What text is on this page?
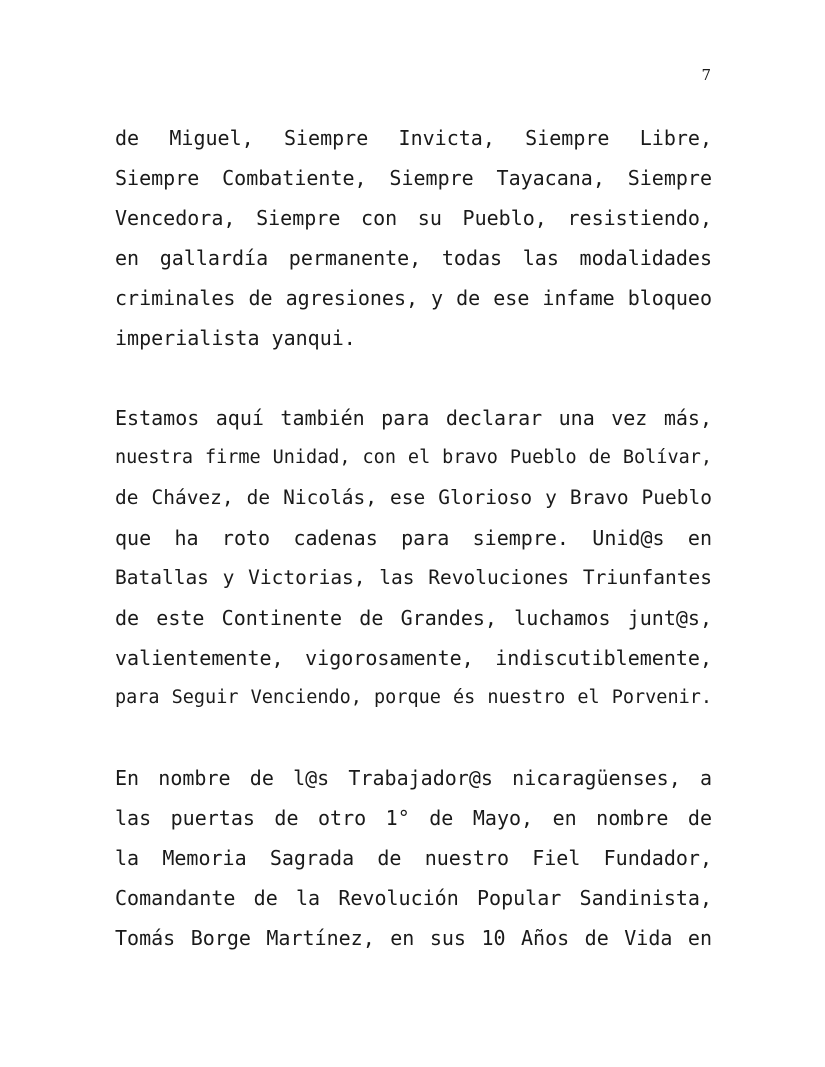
7
de Miguel, Siempre Invicta, Siempre Libre,
Siempre Combatiente, Siempre Tayacana, Siempre
Vencedora, Siempre con su Pueblo, resistiendo,
en gallardía permanente, todas las modalidades
criminales de agresiones, y de ese infame bloqueo
imperialista yanqui.
Estamos aquí también para declarar una vez más,
nuestra firme Unidad, con el bravo Pueblo de Bolívar,
de Chávez, de Nicolás, ese Glorioso y Bravo Pueblo
que ha roto cadenas para siempre. Unid@s en
Batallas y Victorias, las Revoluciones Triunfantes
de este Continente de Grandes, luchamos junt@s,
valientemente, vigorosamente, indiscutiblemente,
para Seguir Venciendo, porque és nuestro el Porvenir.
En nombre de l@s Trabajador@s nicaragüenses, a
las puertas de otro 1° de Mayo, en nombre de
la Memoria Sagrada de nuestro Fiel Fundador,
Comandante de la Revolución Popular Sandinista,
Tomás Borge Martínez, en sus 10 Años de Vida en
